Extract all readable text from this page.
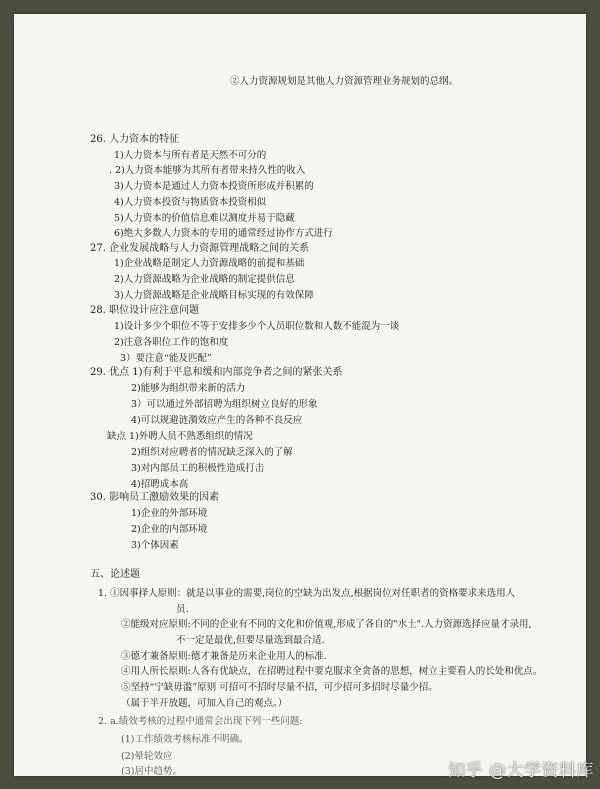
②人力资源规划是其他人力资源管理业务规划的总纲。
26. 人力资本的特征
1)人力资本与所有者是天然不可分的
. 2)人力资本能够为其所有者带来持久性的收入
3)人力资本是通过人力资本投资所形成并积累的
4)人力资本投资与物质资本投资相似
5)人力资本的价值信息难以测度并易于隐藏
6)绝大多数人力资本的专用的通常经过协作方式进行
27. 企业发展战略与人力资源管理战略之间的关系
1)企业战略是制定人力资源战略的前提和基础
2)人力资源战略为企业战略的制定提供信息
3)人力资源战略是企业战略目标实现的有效保障
28. 职位设计应注意问题
1)设计多少个职位不等于安排多少个人员职位数和人数不能混为一谈
2)注意各职位工作的饱和度
3）要注意“能及匹配”
29. 优点 1)有利于平息和缓和内部竞争者之间的紧张关系
2)能够为组织带来新的活力
3）可以通过外部招聘为组织树立良好的形象
4)可以规避涟漪效应产生的各种不良反应
缺点 1)外聘人员不熟悉组织的情况
2)组织对应聘者的情况缺乏深入的了解
3)对内部员工的积极性造成打击
4)招聘成本高
30. 影响员工激励效果的因素
1)企业的外部环境
2)企业的内部环境
3)个体因素
五、论述题
1. ①因事择人原则：就是以事业的需要,岗位的空缺为出发点,根据岗位对任职者的资格要求来选用人
员.
②能级对应原则:不同的企业有不同的文化和价值观,形成了各自的"水土".人力资源选择应量才录用,
不一定是最优,但要尽量选到最合适.
③德才兼备原则:德才兼备是历来企业用人的标准.
④用人所长原则:人各有优缺点，在招聘过程中要克服求全贪备的思想，树立主要看人的长处和优点。
⑤坚持“宁缺毋滥”原则 可招可不招时尽量不招，可少招可多招时尽量少招。
（属于半开放题，可加入自己的观点。）
2. a.绩效考核的过程中通常会出现下列一些问题:
(1)工作绩效考核标准不明确。
(2)晕轮效应
(3)居中趋势。	知乎 @大学资料库
